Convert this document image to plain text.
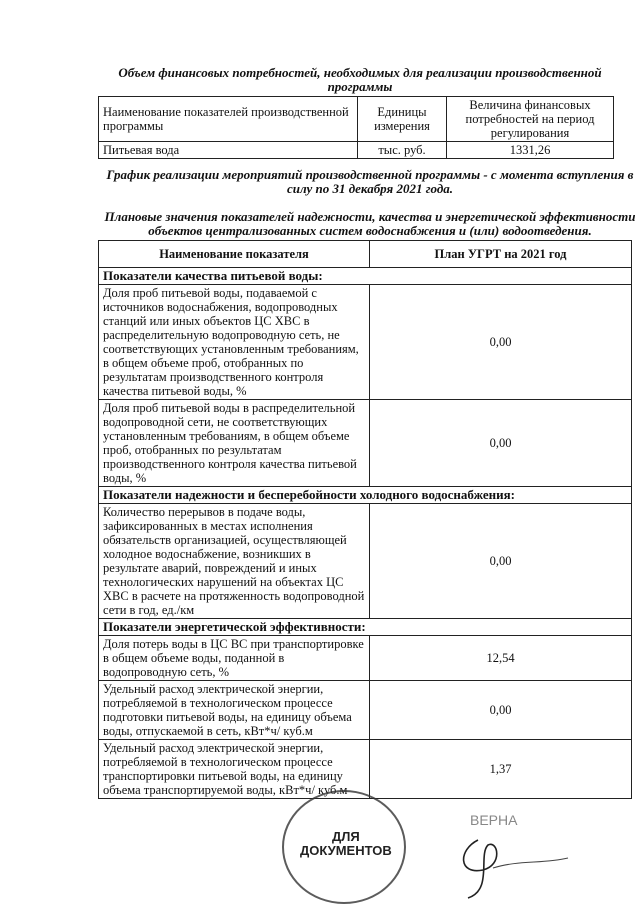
Объем финансовых потребностей, необходимых для реализации производственной программы
Наименование показателей производственной программы	Единицы измерения	Величина финансовых потребностей на период регулирования
Питьевая вода	тыс. руб.	1331,26
График реализации мероприятий производственной программы - с момента вступления в силу по 31 декабря 2021 года.
Плановые значения показателей надежности, качества и энергетической эффективности объектов централизованных систем водоснабжения и (или) водоотведения.
Наименование показателя	План УГРТ на 2021 год
Показатели качества питьевой воды:	
Доля проб питьевой воды, подаваемой с источников водоснабжения, водопроводных станций или иных объектов ЦС ХВС в распределительную водопроводную сеть, не соответствующих установленным требованиям, в общем объеме проб, отобранных по результатам производственного контроля качества питьевой воды, %	0,00
Доля проб питьевой воды в распределительной водопроводной сети, не соответствующих установленным требованиям, в общем объеме проб, отобранных по результатам производственного контроля качества питьевой воды, %	0,00
Показатели надежности и бесперебойности холодного водоснабжения:	
Количество перерывов в подаче воды, зафиксированных в местах исполнения обязательств организацией, осуществляющей холодное водоснабжение, возникших в результате аварий, повреждений и иных технологических нарушений на объектах ЦС ХВС в расчете на протяженность водопроводной сети в год, ед./км	0,00
Показатели энергетической эффективности:	
Доля потерь воды в ЦС ВС при транспортировке в общем объеме воды, поданной в водопроводную сеть, %	12,54
Удельный расход электрической энергии, потребляемой в технологическом процессе подготовки питьевой воды, на единицу объема воды, отпускаемой в сеть, кВт*ч/ куб.м	0,00
Удельный расход электрической энергии, потребляемой в технологическом процессе транспортировки питьевой воды, на единицу объема транспортируемой воды, кВт*ч/ куб.м	1,37
ДЛЯ
ДОКУМЕНТОВ
ВЕРНА
